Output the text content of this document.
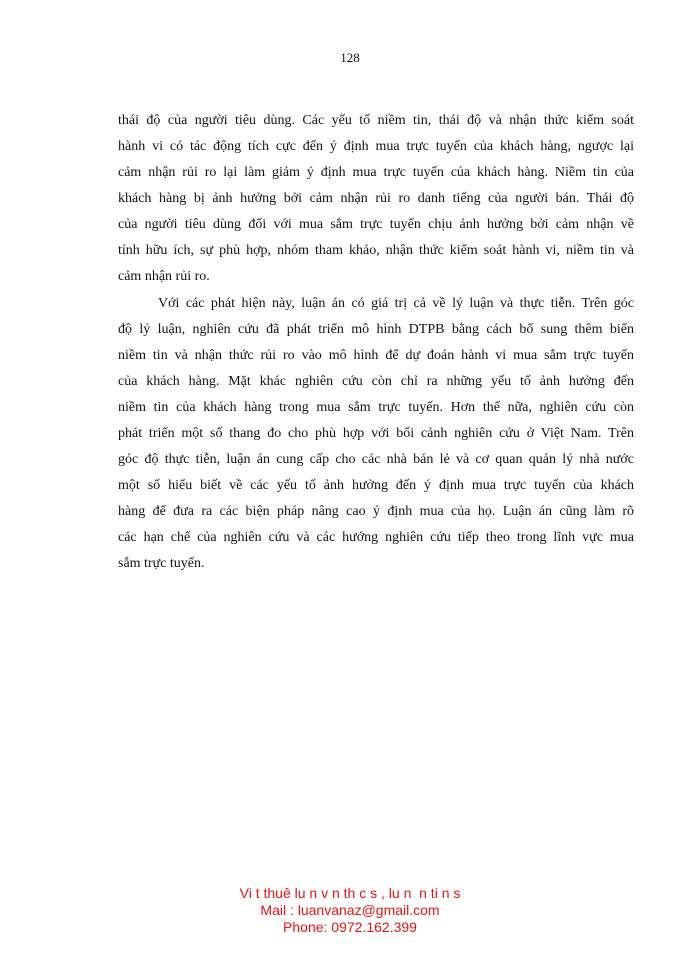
128
thái độ của người tiêu dùng. Các yếu tố niềm tin, thái độ và nhận thức kiểm soát
hành vi có tác động tích cực đến ý định mua trực tuyến của khách hàng, ngược lại
cảm nhận rủi ro lại làm giảm ý định mua trực tuyến của khách hàng. Niềm tin của
khách hàng bị ảnh hưởng bởi cảm nhận rủi ro danh tiếng của người bán. Thái độ
của người tiêu dùng đối với mua sắm trực tuyến chịu ảnh hưởng bởi cảm nhận về
tính hữu ích, sự phù hợp, nhóm tham khảo, nhận thức kiểm soát hành vi, niềm tin và
cảm nhận rủi ro.
Với các phát hiện này, luận án có giá trị cả về lý luận và thực tiễn. Trên góc
độ lý luận, nghiên cứu đã phát triển mô hình DTPB bằng cách bổ sung thêm biến
niềm tin và nhận thức rủi ro vào mô hình để dự đoán hành vi mua sắm trực tuyến
của khách hàng. Mặt khác nghiên cứu còn chỉ ra những yếu tố ảnh hưởng đến
niềm tin của khách hàng trong mua sắm trực tuyến. Hơn thế nữa, nghiên cứu còn
phát triển một số thang đo cho phù hợp với bối cảnh nghiên cứu ở Việt Nam. Trên
góc độ thực tiễn, luận án cung cấp cho các nhà bán lẻ và cơ quan quản lý nhà nước
một số hiểu biết về các yếu tố ảnh hưởng đến ý định mua trực tuyến của khách
hàng để đưa ra các biện pháp nâng cao ý định mua của họ. Luận án cũng làm rõ
các hạn chế của nghiên cứu và các hướng nghiên cứu tiếp theo trong lĩnh vực mua
sắm trực tuyến.
Vi t thuê lu n v n th c s , lu n  n ti n s
Mail : luanvanaz@gmail.com
Phone: 0972.162.399
